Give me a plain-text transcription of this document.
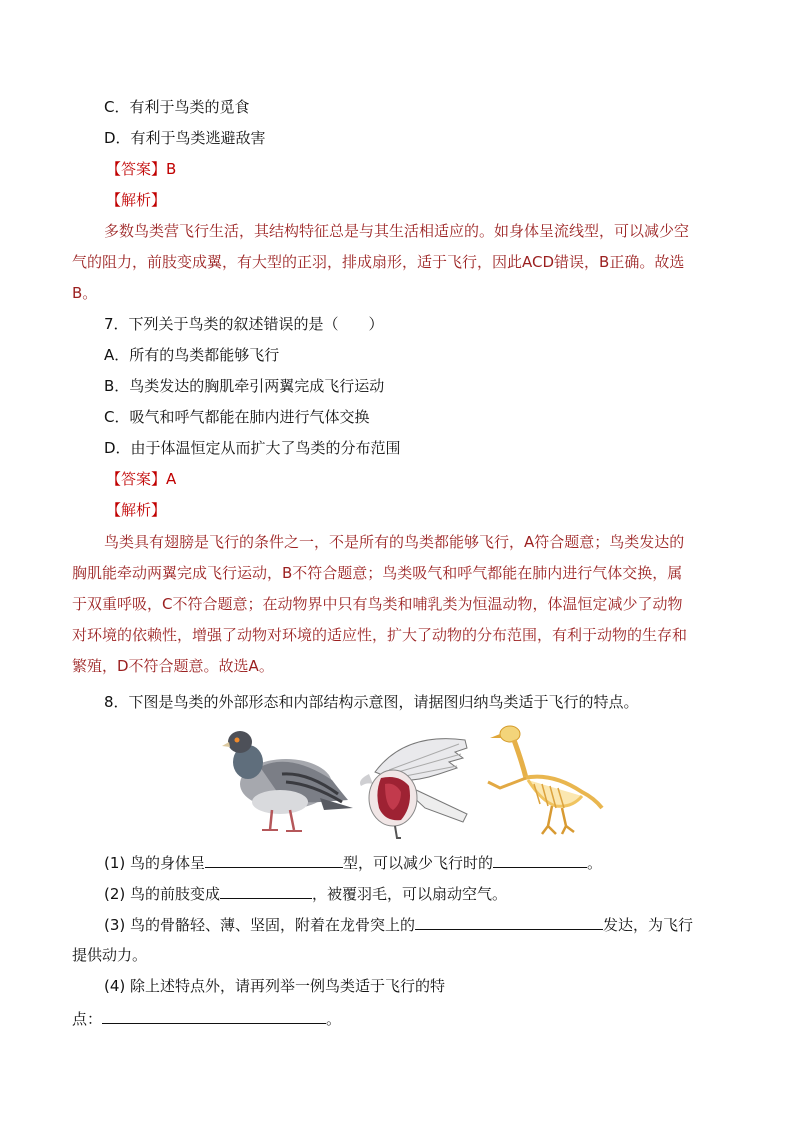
C．有利于鸟类的觅食
D．有利于鸟类逃避敌害
【答案】B
【解析】
多数鸟类营飞行生活，其结构特征总是与其生活相适应的。如身体呈流线型，可以减少空
气的阻力，前肢变成翼，有大型的正羽，排成扇形，适于飞行，因此ACD错误，B正确。故选
B。
7．下列关于鸟类的叙述错误的是（　　）
A．所有的鸟类都能够飞行
B．鸟类发达的胸肌牵引两翼完成飞行运动
C．吸气和呼气都能在肺内进行气体交换
D．由于体温恒定从而扩大了鸟类的分布范围
【答案】A
【解析】
鸟类具有翅膀是飞行的条件之一，不是所有的鸟类都能够飞行，A符合题意；鸟类发达的
胸肌能牵动两翼完成飞行运动，B不符合题意；鸟类吸气和呼气都能在肺内进行气体交换，属
于双重呼吸，C不符合题意；在动物界中只有鸟类和哺乳类为恒温动物，体温恒定减少了动物
对环境的依赖性，增强了动物对环境的适应性，扩大了动物的分布范围，有利于动物的生存和
繁殖，D不符合题意。故选A。
8．下图是鸟类的外部形态和内部结构示意图，请据图归纳鸟类适于飞行的特点。
(1) 鸟的身体呈	型，可以减少飞行时的	。
(2) 鸟的前肢变成	，被覆羽毛，可以扇动空气。
(3) 鸟的骨骼轻、薄、坚固，附着在龙骨突上的	发达，为飞行
提供动力。
(4) 除上述特点外，请再列举一例鸟类适于飞行的特
点：	。
